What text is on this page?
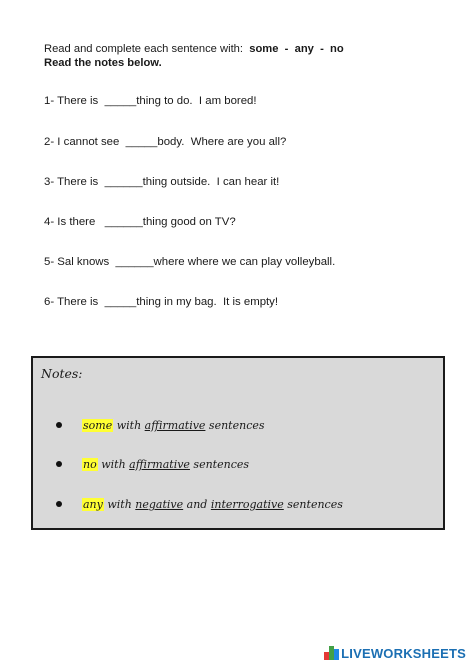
Read and complete each sentence with: some  -  any  -  no
Read the notes below.
1- There is  _____thing to do.  I am bored!
2- I cannot see  _____body.  Where are you all?
3- There is  ______thing outside.  I can hear it!
4- Is there   ______thing good on TV?
5- Sal knows  ______where where we can play volleyball.
6- There is  _____thing in my bag.  It is empty!
Notes:

some with affirmative sentences

no with affirmative sentences

any with negative and interrogative sentences

LIVEWORKSHEETS
